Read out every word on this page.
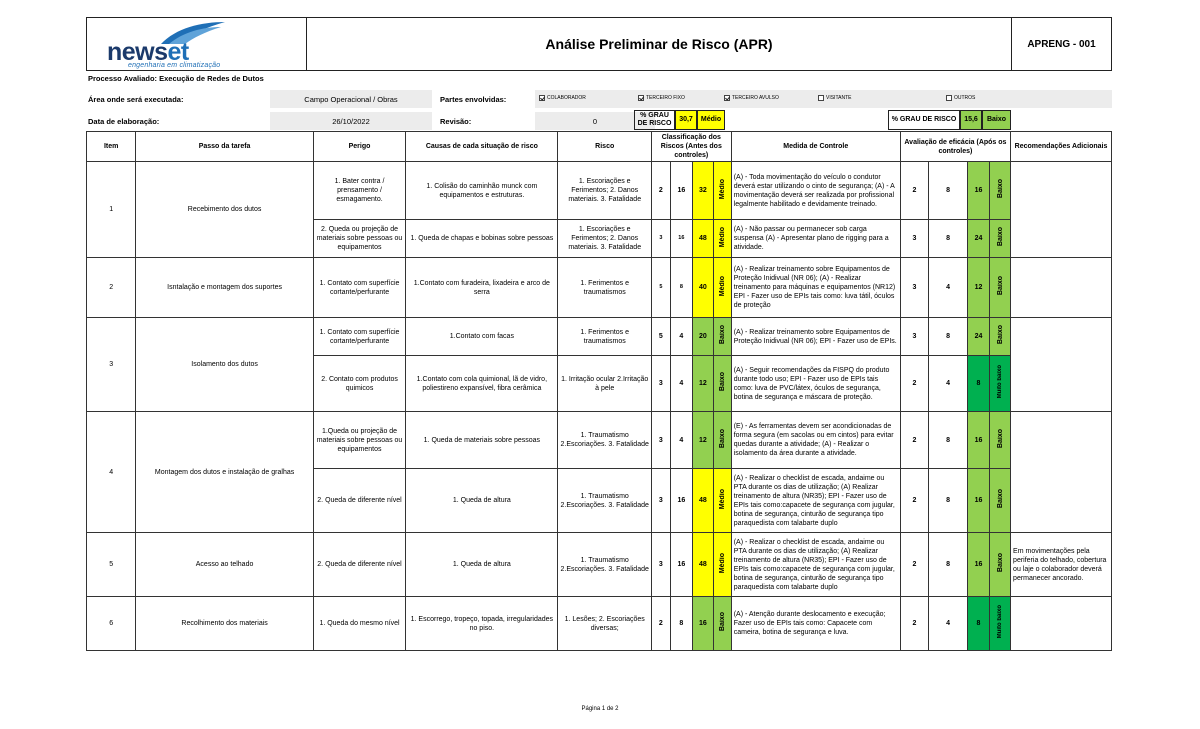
newset
engenharia em climatização
Análise Preliminar de Risco (APR)	APRENG - 001
Processo Avaliado: Execução de Redes de Dutos
Área onde será executada:	Campo Operacional / Obras	Partes envolvidas:	COLABORADOR	TERCEIRO FIXO	TERCEIRO AVULSO	VISITANTE	OUTROS
Data de elaboração:	26/10/2022	Revisão:	0
% GRAU DE RISCO
30,7	Médio	% GRAU DE RISCO	15,6	Baixo
Item	Passo da tarefa	Perigo	Causas de cada situação de risco	Risco	Classificação dos Riscos (Antes dos controles)				Medida de Controle	Avaliação de eficácia (Após os controles)				Recomendações Adicionais
1	Recebimento dos dutos	1. Bater contra / prensamento / esmagamento.	1. Colisão do caminhão munck com equipamentos e estruturas.	1. Escoriações e Ferimentos; 2. Danos materiais. 3. Fatalidade	2	16	32	Médio	(A) - Toda movimentação do veículo o condutor deverá estar utilizando o cinto de segurança; (A) - A movimentação deverá ser realizada por profissional legalmente habilitado e devidamente treinado.	2	8	16	Baixo	
		2. Queda ou projeção de materiais sobre pessoas ou equipamentos	1. Queda de chapas e bobinas sobre pessoas	1. Escoriações e Ferimentos; 2. Danos materiais. 3. Fatalidade	3	16	48	Médio	(A) - Não passar ou permanecer sob carga suspensa (A) - Apresentar plano de rigging para a atividade.	3	8	24	Baixo	
2	Isntalação e montagem dos suportes	1. Contato com superfície cortante/perfurante	1.Contato com furadeira, lixadeira e arco de serra	1. Ferimentos e traumatismos	5	8	40	Médio	(A) - Realizar treinamento sobre Equipamentos de Proteção Inidivual (NR 06); (A) - Realizar treinamento para máquinas e equipamentos (NR12) EPI - Fazer uso de EPIs tais como: luva tátil, óculos de proteção	3	4	12	Baixo	
3	Isolamento dos dutos	1. Contato com superfície cortante/perfurante	1.Contato com facas	1. Ferimentos e traumatismos	5	4	20	Baixo	(A) - Realizar treinamento sobre Equipamentos de Proteção Inidivual (NR 06); EPI - Fazer uso de EPIs.	3	8	24	Baixo	
		2. Contato com produtos quimicos	1.Contato com cola quimional, lã de vidro, poliestireno expansível, fibra cerâmica	1. Irritação ocular 2.Irritação à pele	3	4	12	Baixo	(A) - Seguir recomendações da FISPQ do produto durante todo uso; EPI - Fazer uso de EPIs tais como: luva de PVC/látex, óculos de segurança, botina de segurança e máscara de proteção.	2	4	8	Muito baixo	
4	Montagem dos dutos e instalação de gralhas	1.Queda ou projeção de materiais sobre pessoas ou equipamentos	1. Queda de materiais sobre pessoas	1. Traumatismo 2.Escoriações. 3. Fatalidade	3	4	12	Baixo	(E) - As ferramentas devem ser acondicionadas de forma segura (em sacolas ou em cintos) para evitar quedas durante a atividade; (A) - Realizar o isolamento da área durante a atividade.	2	8	16	Baixo	
		2. Queda de diferente nível	1. Queda de altura	1. Traumatismo 2.Escoriações. 3. Fatalidade	3	16	48	Médio	(A) - Realizar o checklist de escada, andaime ou PTA durante os dias de utilização; (A) Realizar treinamento de altura (NR35); EPI - Fazer uso de EPIs tais como:capacete de segurança com jugular, botina de segurança, cinturão de segurança tipo paraquedista com talabarte duplo	2	8	16	Baixo	
5	Acesso ao telhado	2. Queda de diferente nível	1. Queda de altura	1. Traumatismo 2.Escoriações. 3. Fatalidade	3	16	48	Médio	(A) - Realizar o checklist de escada, andaime ou PTA durante os dias de utilização; (A) Realizar treinamento de altura (NR35); EPI - Fazer uso de EPIs tais como:capacete de segurança com jugular, botina de segurança, cinturão de segurança tipo paraquedista com talabarte duplo	2	8	16	Baixo	Em movimentações pela periferia do telhado, cobertura ou laje o colaborador deverá permanecer ancorado.
6	Recolhimento dos materiais	1. Queda do mesmo nível	1. Escorrego, tropeço, topada, irregularidades no piso.	1. Lesões; 2. Escoriações diversas;	2	8	16	Baixo	(A) - Atenção durante deslocamento e execução; Fazer uso de EPIs tais como: Capacete com cameira, botina de segurança e luva.	2	4	8	Muito baixo	
Página 1 de 2
